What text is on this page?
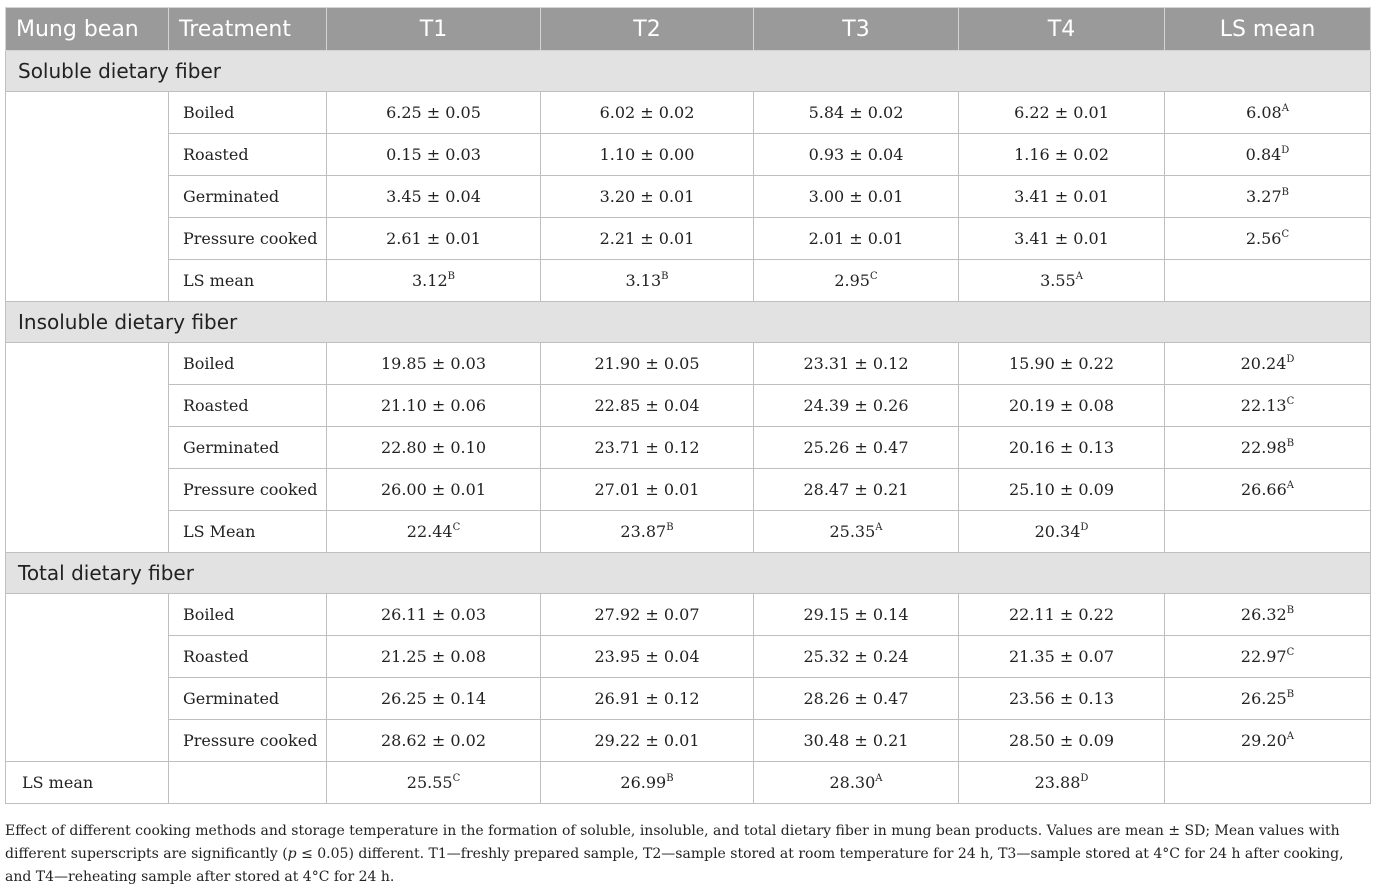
Mung bean	Treatment	T1	T2	T3	T4	LS mean
Soluble dietary fiber						
	Boiled	6.25 ± 0.05	6.02 ± 0.02	5.84 ± 0.02	6.22 ± 0.01	$6.08^A$
	Roasted	0.15 ± 0.03	1.10 ± 0.00	0.93 ± 0.04	1.16 ± 0.02	$0.84^D$
	Germinated	3.45 ± 0.04	3.20 ± 0.01	3.00 ± 0.01	3.41 ± 0.01	$3.27^B$
	Pressure cooked	2.61 ± 0.01	2.21 ± 0.01	2.01 ± 0.01	3.41 ± 0.01	$2.56^C$
	LS mean	$3.12^B$	$3.13^B$	$2.95^C$	$3.55^A$	
Insoluble dietary fiber						
	Boiled	19.85 ± 0.03	21.90 ± 0.05	23.31 ± 0.12	15.90 ± 0.22	$20.24^D$
	Roasted	21.10 ± 0.06	22.85 ± 0.04	24.39 ± 0.26	20.19 ± 0.08	$22.13^C$
	Germinated	22.80 ± 0.10	23.71 ± 0.12	25.26 ± 0.47	20.16 ± 0.13	$22.98^B$
	Pressure cooked	26.00 ± 0.01	27.01 ± 0.01	28.47 ± 0.21	25.10 ± 0.09	$26.66^A$
	LS Mean	$22.44^C$	$23.87^B$	$25.35^A$	$20.34^D$	
Total dietary fiber						
	Boiled	26.11 ± 0.03	27.92 ± 0.07	29.15 ± 0.14	22.11 ± 0.22	$26.32^B$
	Roasted	21.25 ± 0.08	23.95 ± 0.04	25.32 ± 0.24	21.35 ± 0.07	$22.97^C$
	Germinated	26.25 ± 0.14	26.91 ± 0.12	28.26 ± 0.47	23.56 ± 0.13	$26.25^B$
	Pressure cooked	28.62 ± 0.02	29.22 ± 0.01	30.48 ± 0.21	28.50 ± 0.09	$29.20^A$
LS mean		$25.55^C$	$26.99^B$	$28.30^A$	$23.88^D$	
Effect of different cooking methods and storage temperature in the formation of soluble, insoluble, and total dietary fiber in mung bean products. Values are mean ± SD; Mean values with different superscripts are significantly (p ≤ 0.05) different. T1—freshly prepared sample, T2—sample stored at room temperature for 24 h, T3—sample stored at 4°C for 24 h after cooking, and T4—reheating sample after stored at 4°C for 24 h.
